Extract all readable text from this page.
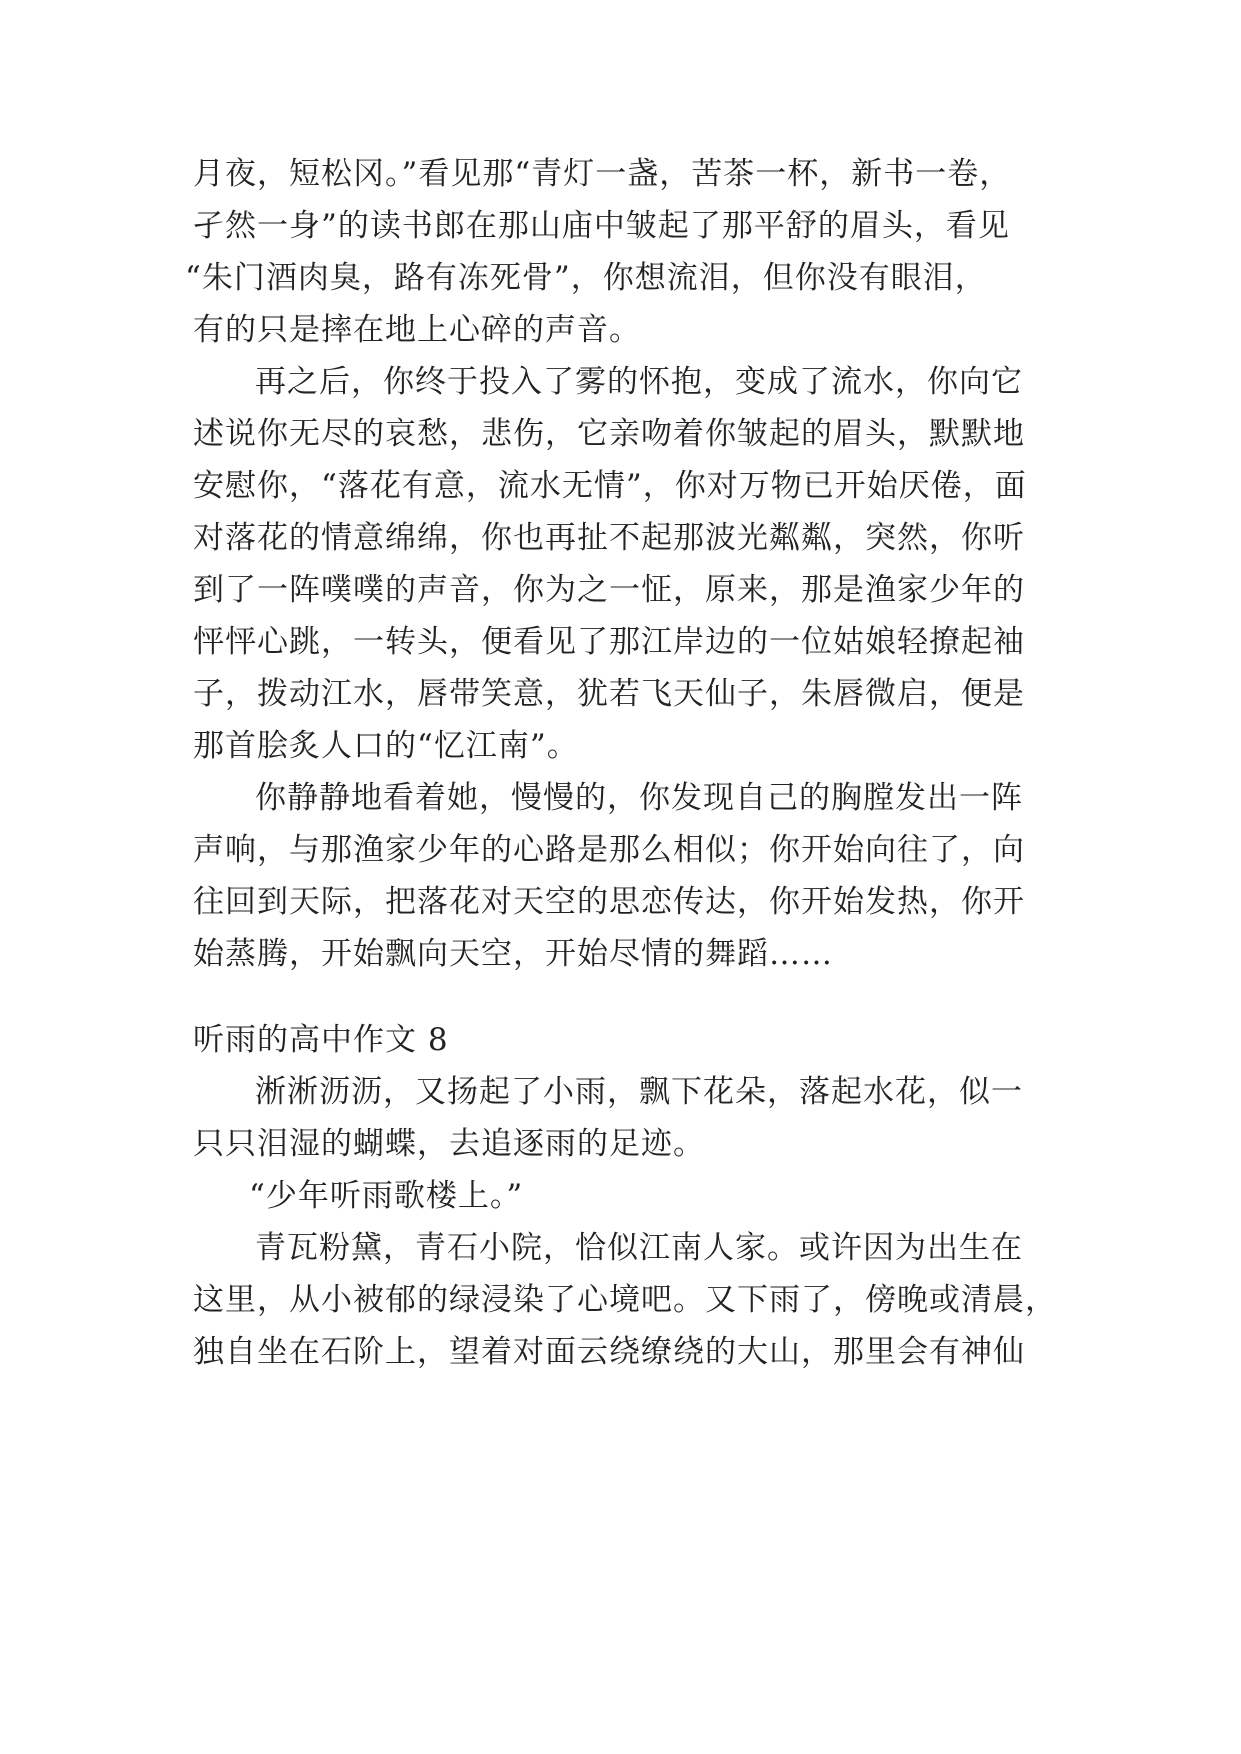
月夜，短松冈。”看见那“青灯一盏，苦茶一杯，新书一卷，
孑然一身”的读书郎在那山庙中皱起了那平舒的眉头，看见
“朱门酒肉臭，路有冻死骨”，你想流泪，但你没有眼泪，
有的只是摔在地上心碎的声音。
再之后，你终于投入了雾的怀抱，变成了流水，你向它
述说你无尽的哀愁，悲伤，它亲吻着你皱起的眉头，默默地
安慰你，“落花有意，流水无情”，你对万物已开始厌倦，面
对落花的情意绵绵，你也再扯不起那波光粼粼，突然，你听
到了一阵噗噗的声音，你为之一怔，原来，那是渔家少年的
怦怦心跳，一转头，便看见了那江岸边的一位姑娘轻撩起袖
子，拨动江水，唇带笑意，犹若飞天仙子，朱唇微启，便是
那首脍炙人口的“忆江南”。
你静静地看着她，慢慢的，你发现自己的胸膛发出一阵
声响，与那渔家少年的心路是那么相似；你开始向往了，向
往回到天际，把落花对天空的思恋传达，你开始发热，你开
始蒸腾，开始飘向天空，开始尽情的舞蹈……
听雨的高中作文 8
淅淅沥沥，又扬起了小雨，飘下花朵，落起水花，似一
只只泪湿的蝴蝶，去追逐雨的足迹。
“少年听雨歌楼上。”
青瓦粉黛，青石小院，恰似江南人家。或许因为出生在
这里，从小被郁的绿浸染了心境吧。又下雨了，傍晚或清晨，
独自坐在石阶上，望着对面云绕缭绕的大山，那里会有神仙
